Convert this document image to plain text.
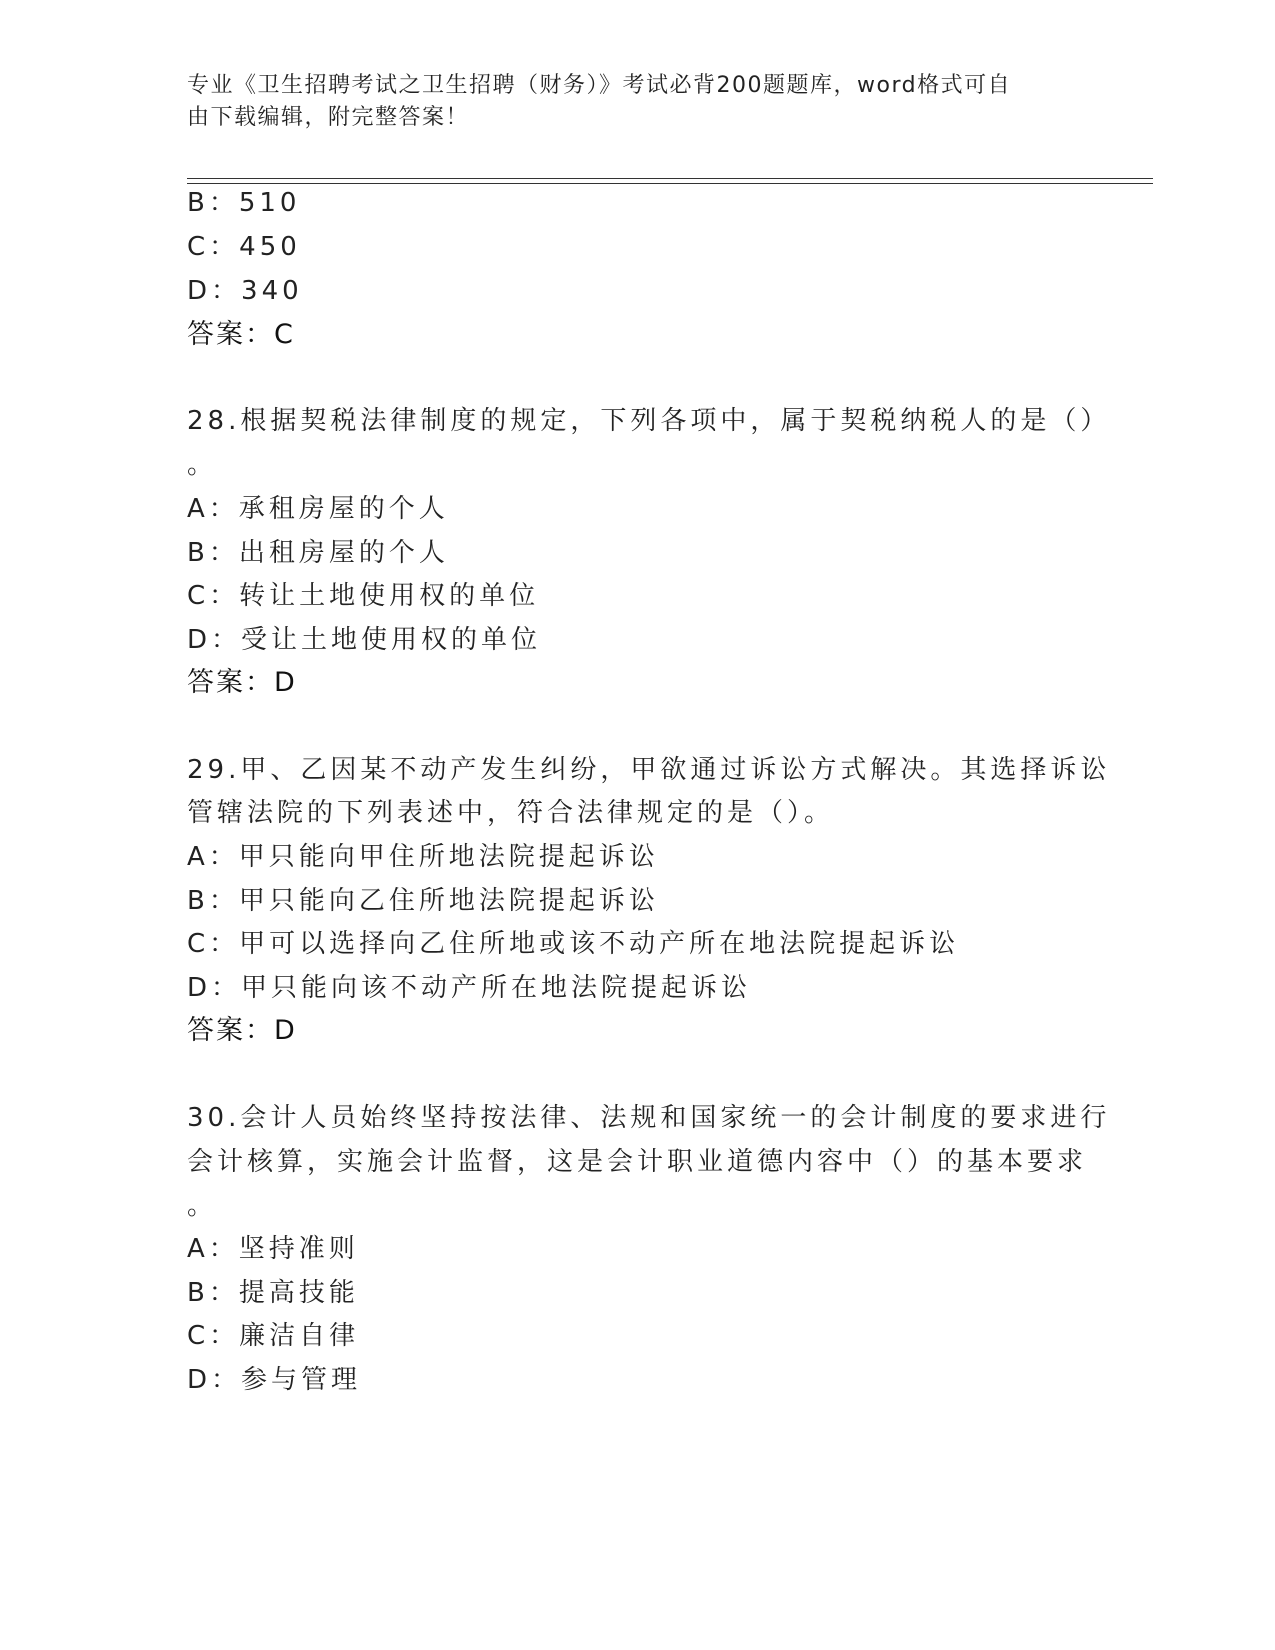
专业《卫生招聘考试之卫生招聘（财务）》考试必背200题题库，word格式可自
由下载编辑，附完整答案！
B：510
C：450
D：340
答案：C
28.根据契税法律制度的规定，下列各项中，属于契税纳税人的是（）
。
A：承租房屋的个人
B：出租房屋的个人
C：转让土地使用权的单位
D：受让土地使用权的单位
答案：D
29.甲、乙因某不动产发生纠纷，甲欲通过诉讼方式解决。其选择诉讼
管辖法院的下列表述中，符合法律规定的是（）。
A：甲只能向甲住所地法院提起诉讼
B：甲只能向乙住所地法院提起诉讼
C：甲可以选择向乙住所地或该不动产所在地法院提起诉讼
D：甲只能向该不动产所在地法院提起诉讼
答案：D
30.会计人员始终坚持按法律、法规和国家统一的会计制度的要求进行
会计核算，实施会计监督，这是会计职业道德内容中（）的基本要求
。
A：坚持准则
B：提高技能
C：廉洁自律
D：参与管理
